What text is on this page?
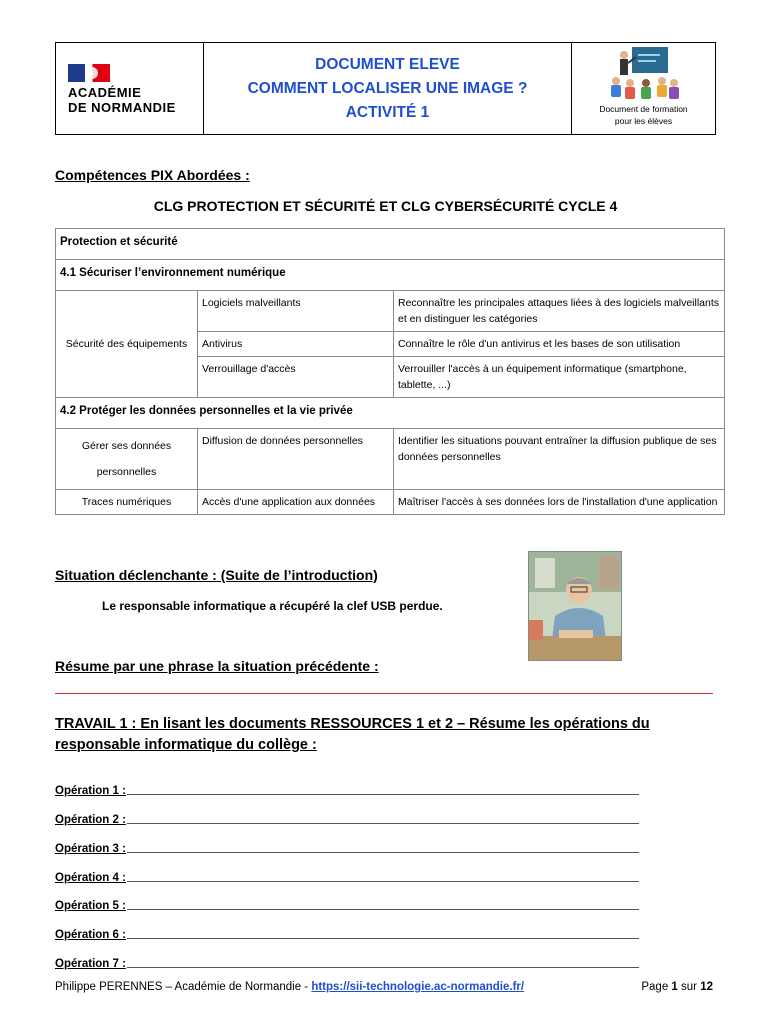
ACADÉMIE
DE NORMANDIE
DOCUMENT ELEVE
COMMENT LOCALISER UNE IMAGE ?
ACTIVITÉ 1	Document de formation
pour les élèves
Compétences PIX Abordées :
CLG PROTECTION ET SÉCURITÉ ET CLG CYBERSÉCURITÉ CYCLE 4
Protection et sécurité		
4.1 Sécuriser l’environnement numérique		
Sécurité des équipements	Logiciels malveillants	Reconnaître les principales attaques liées à des logiciels malveillants et en distinguer les catégories
	Antivirus	Connaître le rôle d'un antivirus et les bases de son utilisation
	Verrouillage d'accès	Verrouiller l'accès à un équipement informatique (smartphone, tablette, ...)
4.2 Protéger les données personnelles et la vie privée		
Gérer ses données personnelles	Diffusion de données personnelles	Identifier les situations pouvant entraîner la diffusion publique de ses données personnelles
Traces numériques	Accès d'une application aux données	Maîtriser l'accès à ses données lors de l'installation d'une application
Situation déclenchante : (Suite de l’introduction)
Le responsable informatique a récupéré la clef USB perdue.
Résume par une phrase la situation précédente :
TRAVAIL 1 : En lisant les documents RESSOURCES 1 et 2 – Résume les opérations du responsable informatique du collège :
Opération 1 :
Opération 2 :
Opération 3 :
Opération 4 :
Opération 5 :
Opération 6 :
Opération 7 :
Philippe PERENNES – Académie de Normandie - https://sii-technologie.ac-normandie.fr/	Page 1 sur 12
